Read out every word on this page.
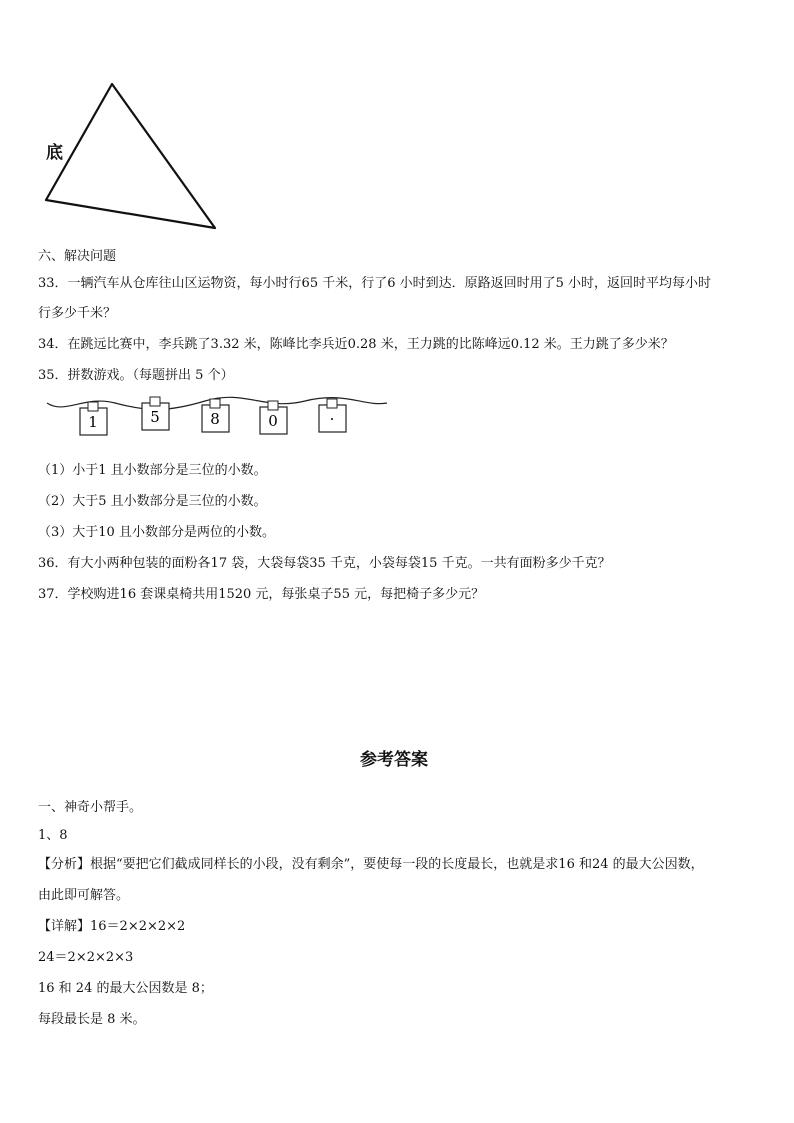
底
六、解决问题
33．一辆汽车从仓库往山区运物资，每小时行65 千米，行了6 小时到达．原路返回时用了5 小时，返回时平均每小时
行多少千米？
34．在跳远比赛中，李兵跳了3.32 米，陈峰比李兵近0.28 米，王力跳的比陈峰远0.12 米。王力跳了多少米？
35．拼数游戏。（每题拼出 5 个）
1	5	8	0	·
（1）小于1 且小数部分是三位的小数。
（2）大于5 且小数部分是三位的小数。
（3）大于10 且小数部分是两位的小数。
36．有大小两种包装的面粉各17 袋，大袋每袋35 千克，小袋每袋15 千克。一共有面粉多少千克？
37．学校购进16 套课桌椅共用1520 元，每张桌子55 元，每把椅子多少元？
参考答案
一、神奇小帮手。
1、8
【分析】根据“要把它们截成同样长的小段，没有剩余”，要使每一段的长度最长，也就是求16 和24 的最大公因数，
由此即可解答。
【详解】16＝2×2×2×2
24＝2×2×2×3
16 和 24 的最大公因数是 8；
每段最长是 8 米。
